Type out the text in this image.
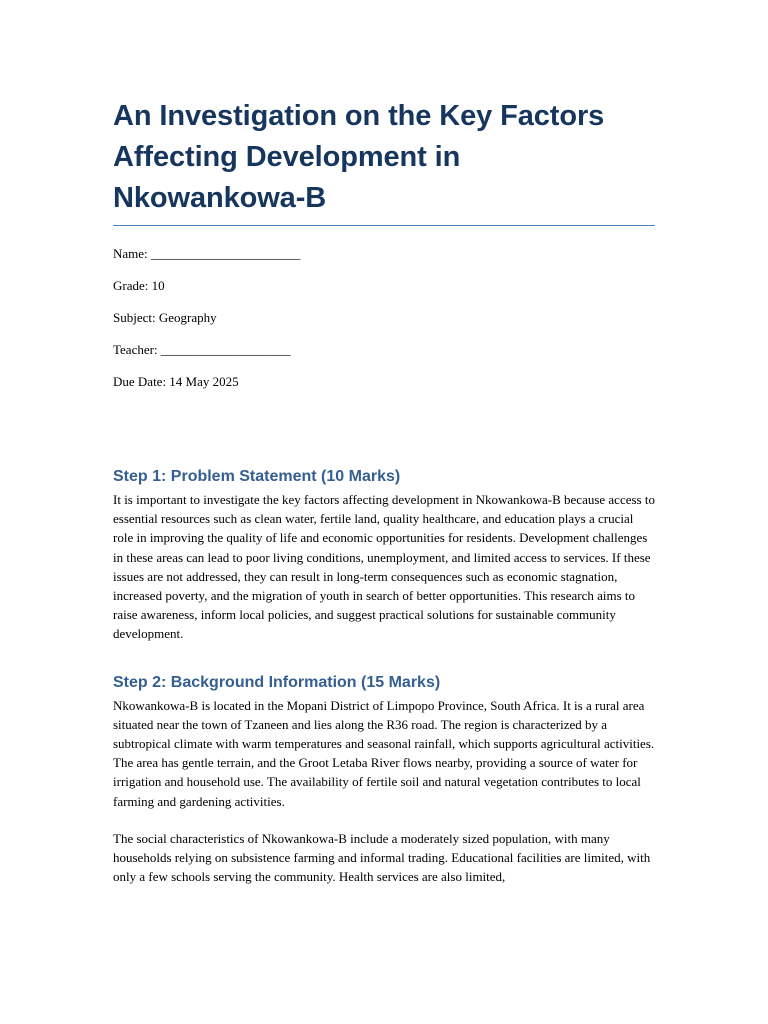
An Investigation on the Key Factors Affecting Development in Nkowankowa-B

Name: _______________________

Grade: 10

Subject: Geography

Teacher: ____________________

Due Date: 14 May 2025

Step 1: Problem Statement (10 Marks)

It is important to investigate the key factors affecting development in Nkowankowa-B because access to essential resources such as clean water, fertile land, quality healthcare, and education plays a crucial role in improving the quality of life and economic opportunities for residents. Development challenges in these areas can lead to poor living conditions, unemployment, and limited access to services. If these issues are not addressed, they can result in long-term consequences such as economic stagnation, increased poverty, and the migration of youth in search of better opportunities. This research aims to raise awareness, inform local policies, and suggest practical solutions for sustainable community development.

Step 2: Background Information (15 Marks)

Nkowankowa-B is located in the Mopani District of Limpopo Province, South Africa. It is a rural area situated near the town of Tzaneen and lies along the R36 road. The region is characterized by a subtropical climate with warm temperatures and seasonal rainfall, which supports agricultural activities. The area has gentle terrain, and the Groot Letaba River flows nearby, providing a source of water for irrigation and household use. The availability of fertile soil and natural vegetation contributes to local farming and gardening activities.

The social characteristics of Nkowankowa-B include a moderately sized population, with many households relying on subsistence farming and informal trading. Educational facilities are limited, with only a few schools serving the community. Health services are also limited,
